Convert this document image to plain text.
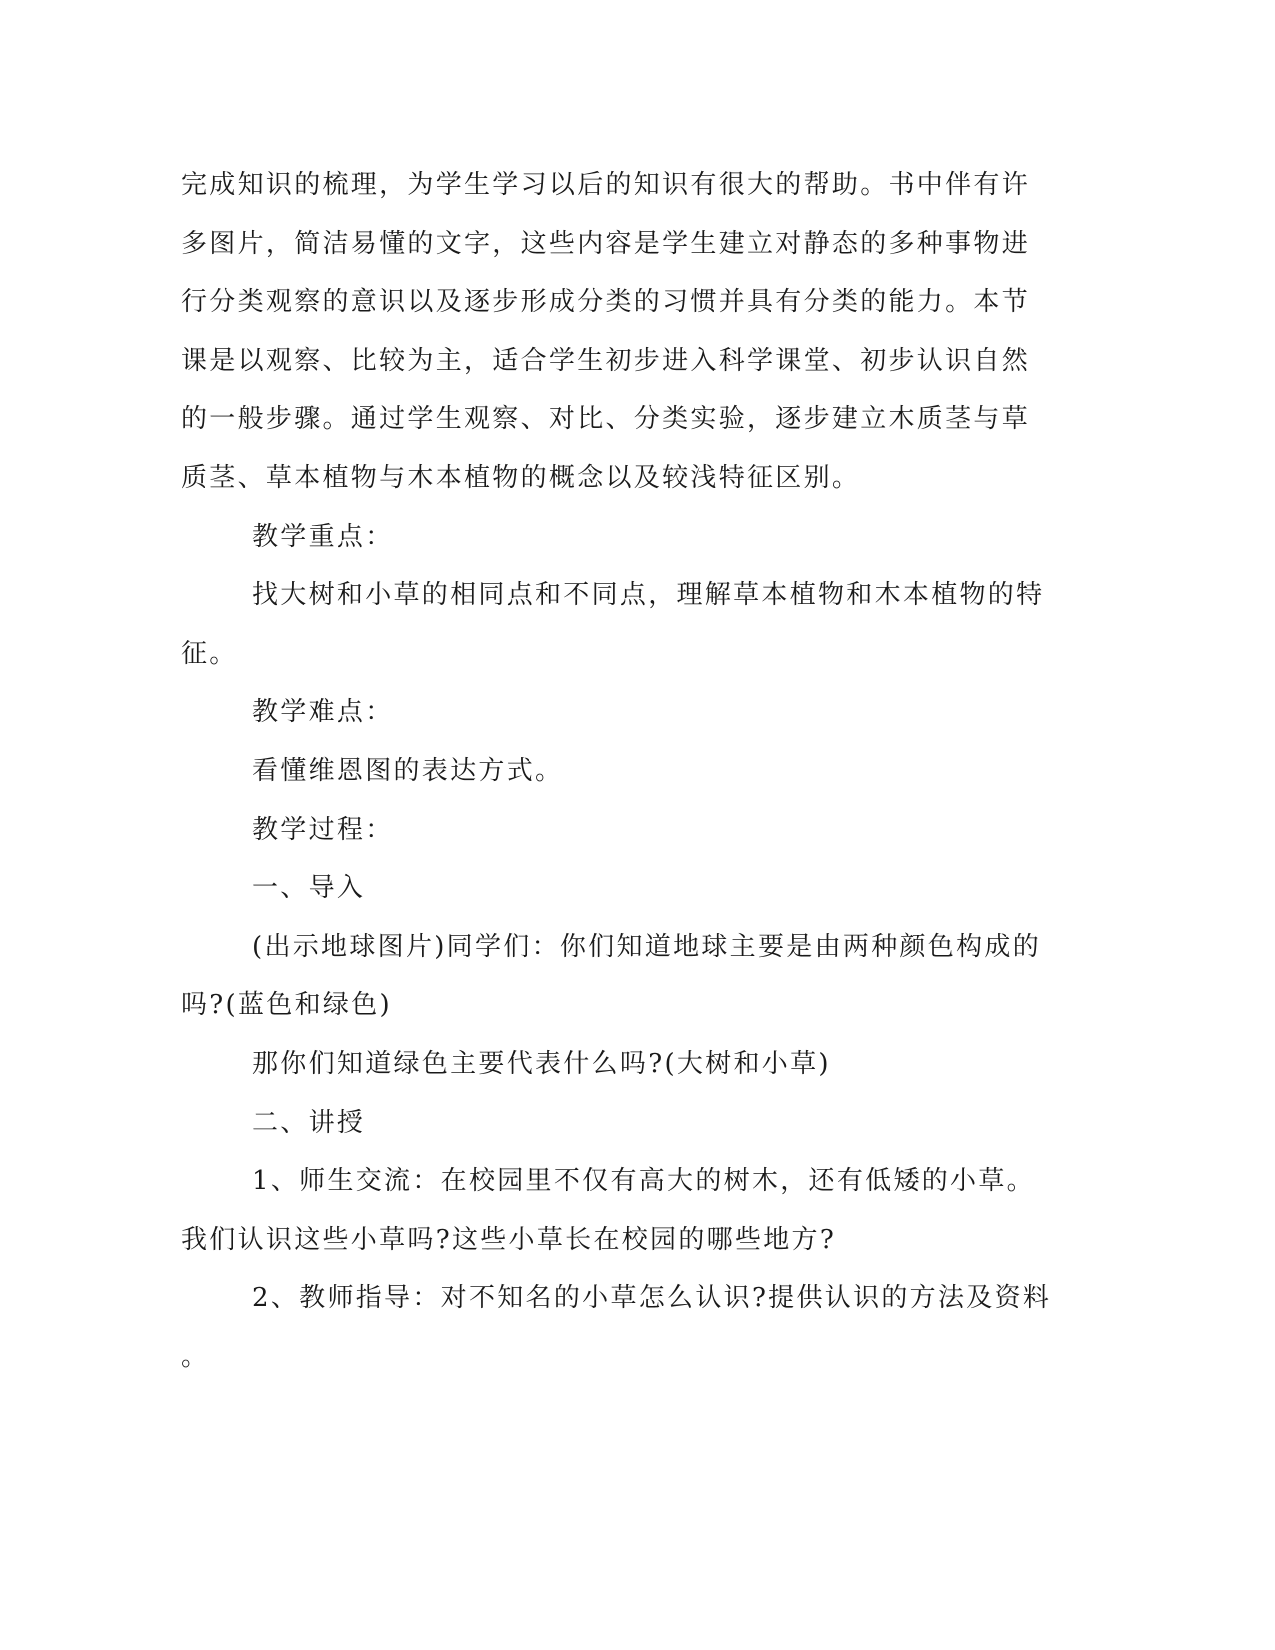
完成知识的梳理，为学生学习以后的知识有很大的帮助。书中伴有许

多图片，简洁易懂的文字，这些内容是学生建立对静态的多种事物进

行分类观察的意识以及逐步形成分类的习惯并具有分类的能力。本节

课是以观察、比较为主，适合学生初步进入科学课堂、初步认识自然

的一般步骤。通过学生观察、对比、分类实验，逐步建立木质茎与草

质茎、草本植物与木本植物的概念以及较浅特征区别。

教学重点：

找大树和小草的相同点和不同点，理解草本植物和木本植物的特

征。

教学难点：

看懂维恩图的表达方式。

教学过程：

一、导入

(出示地球图片)同学们：你们知道地球主要是由两种颜色构成的

吗?(蓝色和绿色)

那你们知道绿色主要代表什么吗?(大树和小草)

二、讲授

1、师生交流：在校园里不仅有高大的树木，还有低矮的小草。

我们认识这些小草吗?这些小草长在校园的哪些地方?

2、教师指导：对不知名的小草怎么认识?提供认识的方法及资料

。
